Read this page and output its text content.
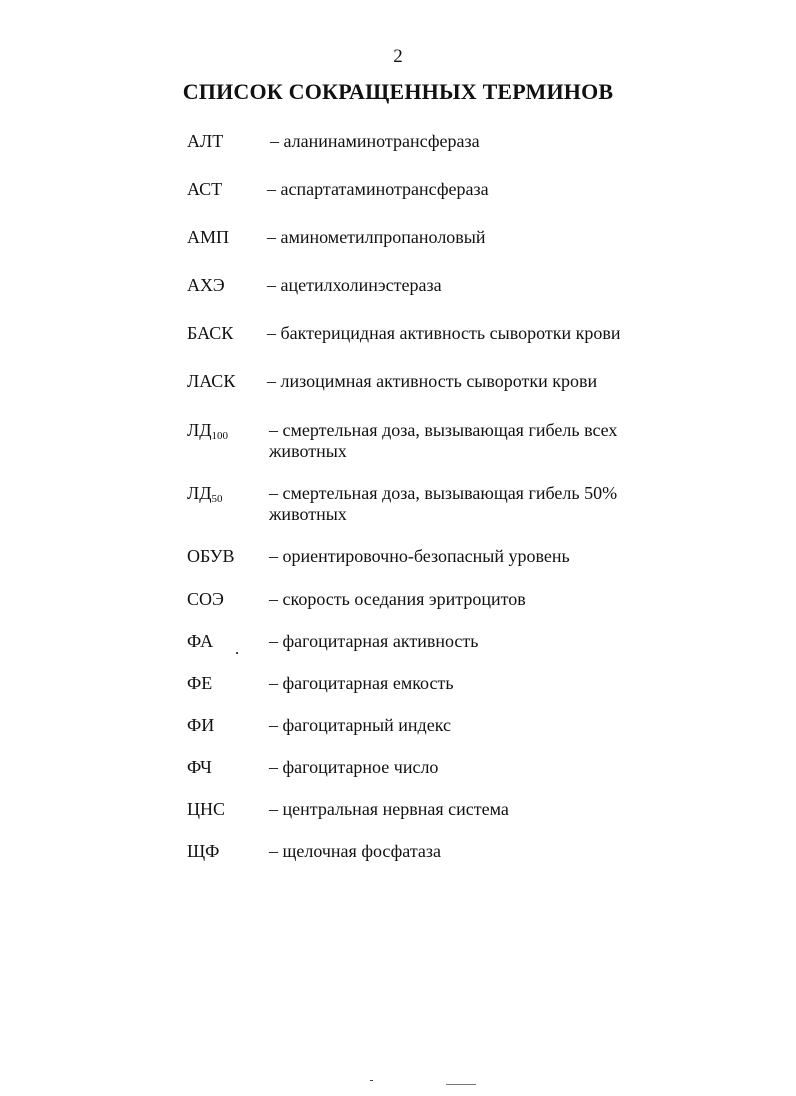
2
СПИСОК СОКРАЩЕННЫХ ТЕРМИНОВ
АЛТ	– аланинаминотрансфераза
АСТ – аспартатаминотрансфераза
АМП – аминометилпропаноловый
АХЭ – ацетилхолинэстераза
БАСК – бактерицидная активность сыворотки крови
ЛАСК – лизоцимная активность сыворотки крови
$ЛД_{100}$ – смертельная доза, вызывающая гибель всех животных
$ЛД_{50}$	– смертельная доза, вызывающая гибель 50% животных
ОБУВ – ориентировочно-безопасный уровень
СОЭ	– скорость оседания эритроцитов
ФА	– фагоцитарная активность
ФЕ	– фагоцитарная емкость
ФИ	– фагоцитарный индекс
ФЧ	– фагоцитарное число
ЦНС – центральная нервная система
ЩФ	– щелочная фосфатаза
